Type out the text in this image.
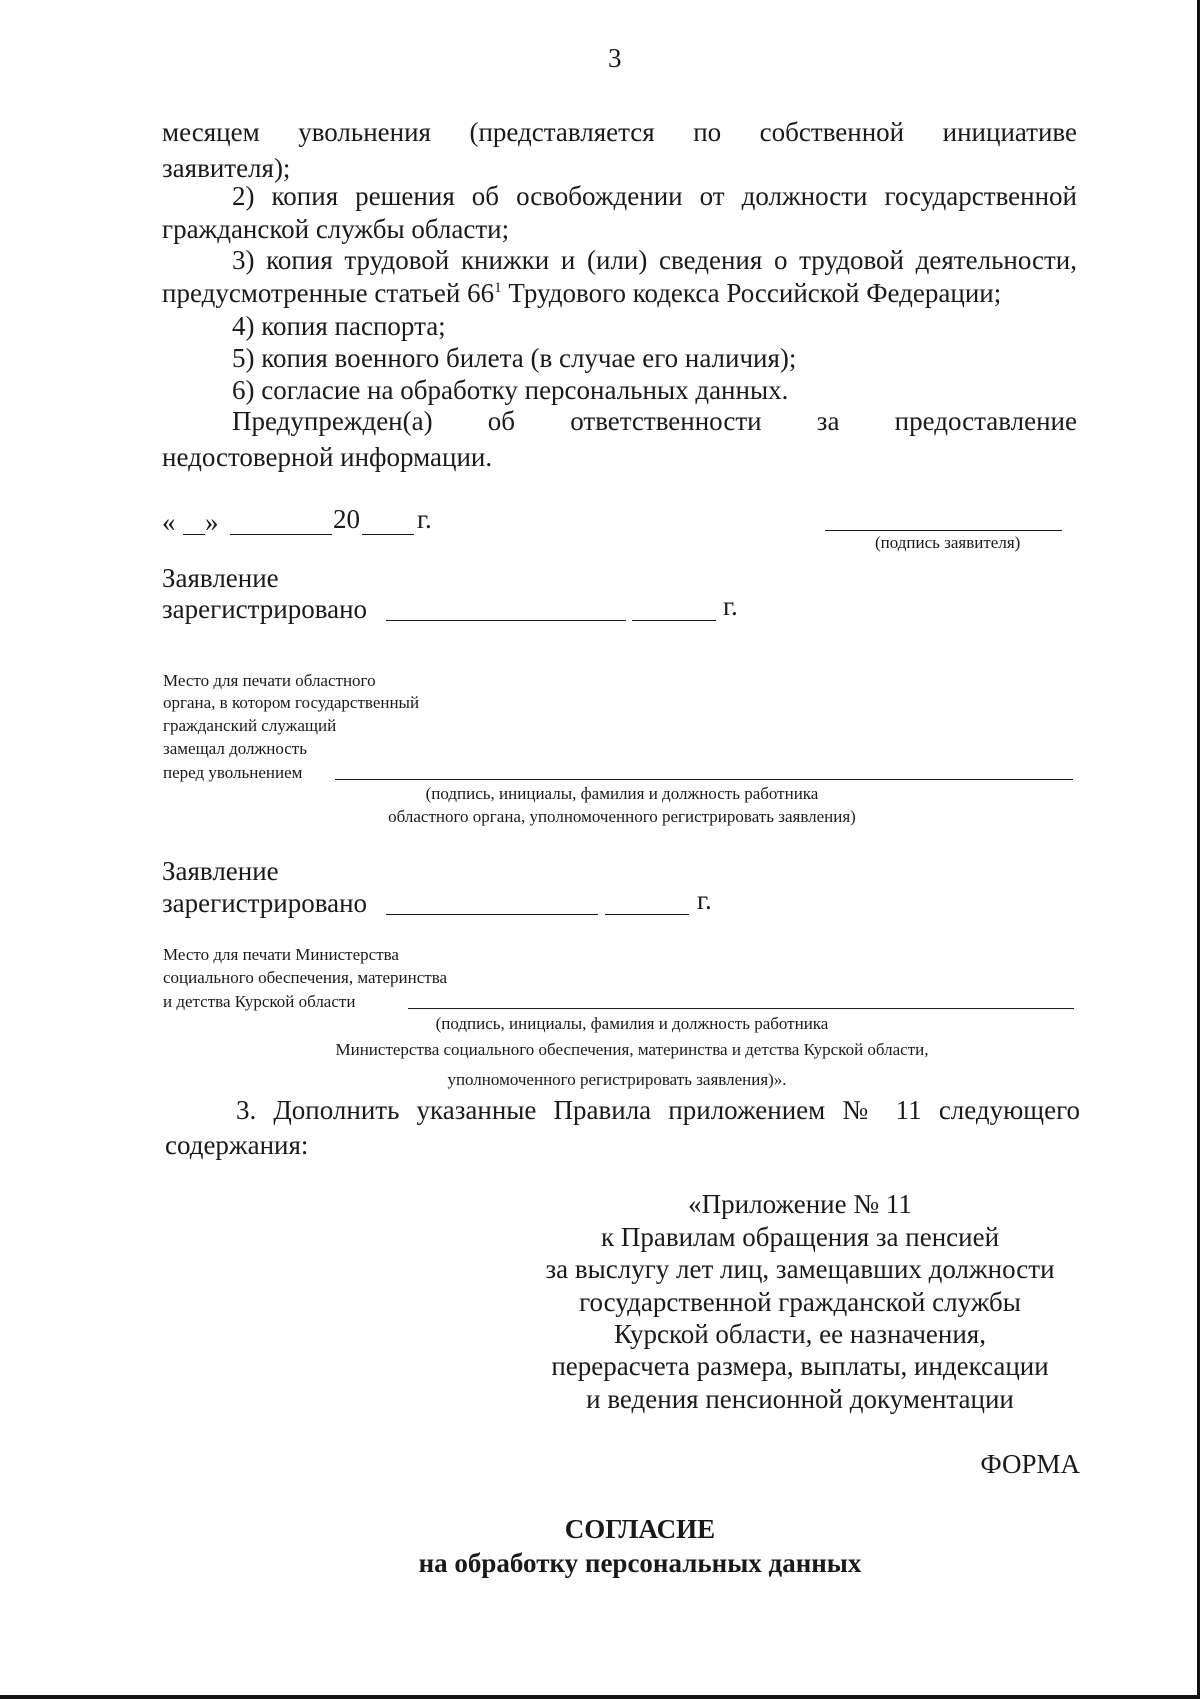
3
месяцем увольнения (представляется по собственной инициативе
заявителя);
2) копия решения об освобождении от должности государственной
гражданской службы области;
3) копия трудовой книжки и (или) сведения о трудовой деятельности,
предусмотренные статьей $66^1$ Трудового кодекса Российской Федерации;
4) копия паспорта;
5) копия военного билета (в случае его наличия);
6) согласие на обработку персональных данных.
Предупрежден(а) об ответственности за предоставление
недостоверной информации.
« »	20 г.
(подпись заявителя)
Заявление
зарегистрировано	г.
Место для печати областного
органа, в котором государственный
гражданский служащий
замещал должность
перед увольнением
(подпись, инициалы, фамилия и должность работника
областного органа, уполномоченного регистрировать заявления)
Заявление
зарегистрировано	г.
Место для печати Министерства
социального обеспечения, материнства
и детства Курской области
(подпись, инициалы, фамилия и должность работника
Министерства социального обеспечения, материнства и детства Курской области,
уполномоченного регистрировать заявления)».
3. Дополнить указанные Правила приложением № 11 следующего
содержания:
«Приложение № 11
к Правилам обращения за пенсией
за выслугу лет лиц, замещавших должности
государственной гражданской службы
Курской области, ее назначения,
перерасчета размера, выплаты, индексации
и ведения пенсионной документации
ФОРМА
СОГЛАСИЕ
на обработку персональных данных
